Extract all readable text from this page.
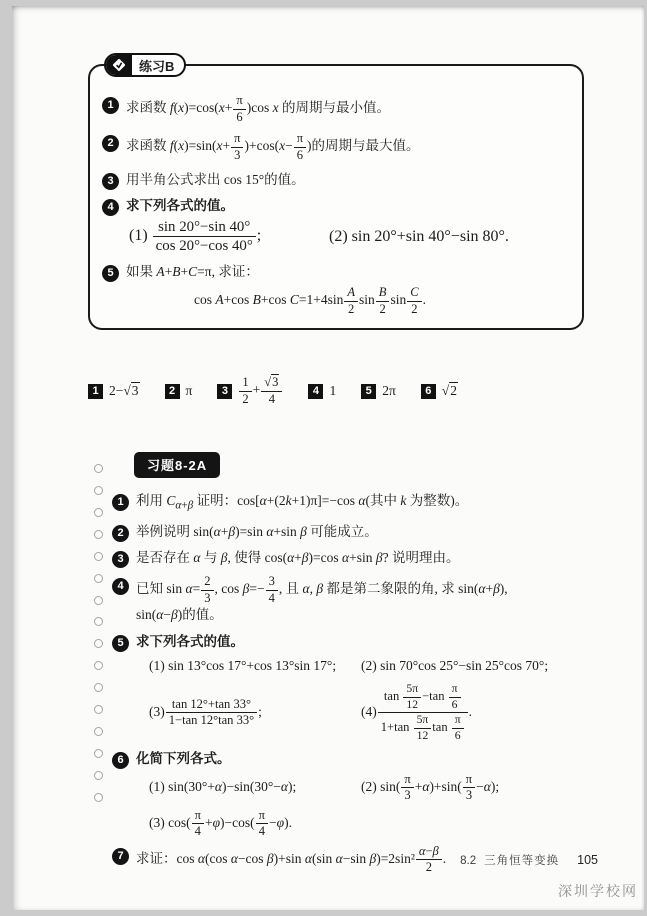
练习B
1 求函数 $f(x)=\cos(x+ \frac{\pi}{6} )\cos$ x 的周期与最小值。
2 求函数 $f(x)=\sin(x+ \frac{\pi}{3} )+\cos(x- \frac{\pi}{6}$ )的周期与最大值。
3 用半角公式求出 cos 15°的值。
4 求下列各式的值。
$(1) \frac{\sin 20^\circ-\sin 40^\circ}{\cos 20^\circ-\cos 40^\circ}$ ;	(2) sin 20°+sin 40°−sin 80°.
5 如果 A+B+C=π, 求证：
cos A+cos B+cos $C=1+4\sin \frac{A}{2}$ $\sin \frac{B}{2}$ $\sin \frac{C}{2}$ .
1 2−√3	2 π	$3 \frac{1}{2} + \frac{√3}{4}$	4 1	5 2π	6 √2
习题8-2A
1 利用 $C_{\alpha+\beta}$ 证明：cos[α+(2k+1)π]=−cos α(其中 k 为整数)。
2 举例说明 sin(α+β)=sin α+sin β 可能成立。
3 是否存在 α 与 β, 使得 cos(α+β)=cos α+sin β? 说明理由。
4 已知 $\sin \alpha= \frac{2}{3}$ , $\cos \beta=- \frac{3}{4}$ , 且 α, β 都是第二象限的角, 求 sin(α+β),
sin(α−β)的值。
5 求下列各式的值。
(1) sin 13°cos 17°+cos 13°sin 17°;	(2) sin 70°cos 25°−sin 25°cos 70°;
$(3) \frac{\tan 12^\circ+\tan 33^\circ}{1-\tan 12^\circ\tan 33^\circ}$ ;	$(4) \frac{\tan \frac{5\pi}{12} -\tan \frac{\pi}{6}}{1+\tan \frac{5\pi}{12} \tan \frac{\pi}{6}}$ .
6 化简下列各式。
(1) sin(30°+ α )−sin(30°− α );	(2) $\sin( \frac{\pi}{3} + \alpha$ )$+\sin( \frac{\pi}{3} - \alpha$ );
(3) $\cos( \frac{\pi}{4} + \varphi$ )$-\cos( \frac{\pi}{4} - \varphi$ ).
7 求证：cos α(cos α−cos β)+sin α(sin α−sin $\beta)=2\sin^2 \frac{\alpha-\beta}{2}$ .	8.2 三角恒等变换 105
深圳学校网
